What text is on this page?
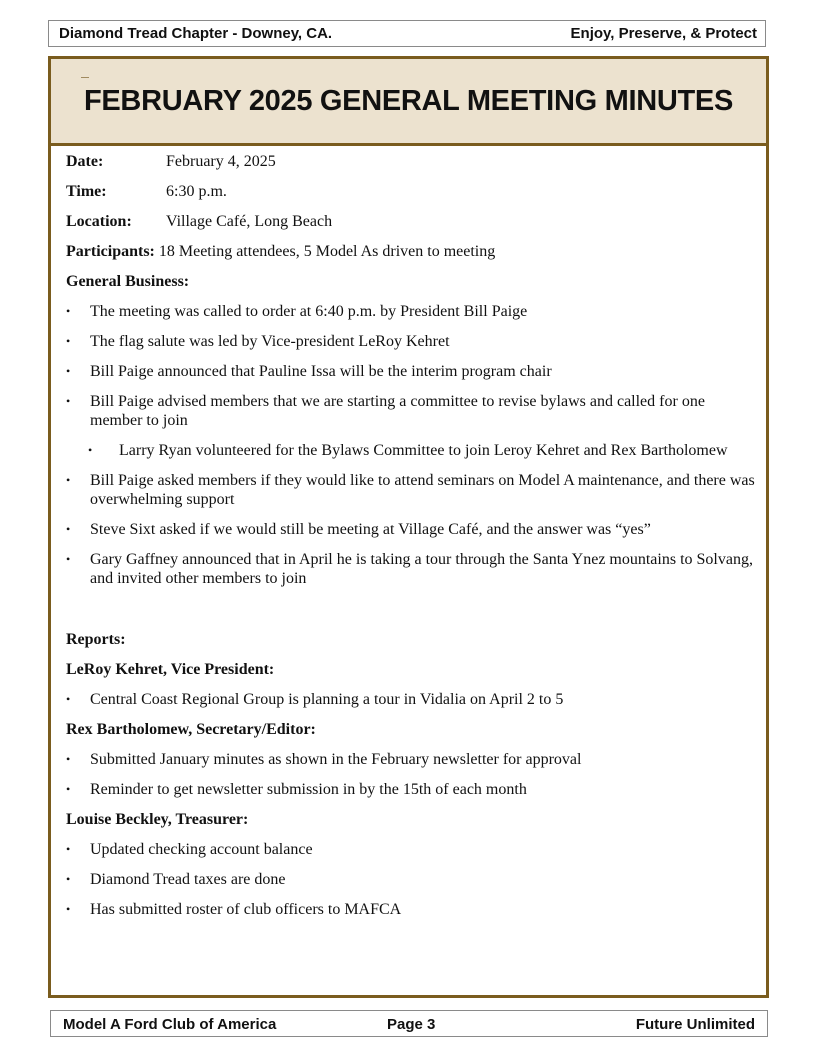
Diamond Tread Chapter - Downey, CA.	Enjoy, Preserve, & Protect
FEBRUARY 2025 GENERAL MEETING MINUTES
Date:	February 4, 2025
Time:	6:30 p.m.
Location: Village Café, Long Beach
Participants: 18 Meeting attendees, 5 Model As driven to meeting
General Business:
• The meeting was called to order at 6:40 p.m. by President Bill Paige
• The flag salute was led by Vice-president LeRoy Kehret
• Bill Paige announced that Pauline Issa will be the interim program chair
• Bill Paige advised members that we are starting a committee to revise bylaws and called for one member to join
• Larry Ryan volunteered for the Bylaws Committee to join Leroy Kehret and Rex Bartholomew
• Bill Paige asked members if they would like to attend seminars on Model A maintenance, and there was overwhelming support
• Steve Sixt asked if we would still be meeting at Village Café, and the answer was “yes”
• Gary Gaffney announced that in April he is taking a tour through the Santa Ynez mountains to Solvang, and invited other members to join
Reports:
LeRoy Kehret, Vice President:
• Central Coast Regional Group is planning a tour in Vidalia on April 2 to 5
Rex Bartholomew, Secretary/Editor:
• Submitted January minutes as shown in the February newsletter for approval
• Reminder to get newsletter submission in by the 15th of each month
Louise Beckley, Treasurer:
• Updated checking account balance
• Diamond Tread taxes are done
• Has submitted roster of club officers to MAFCA
Model A Ford Club of America	Page 3	Future Unlimited
